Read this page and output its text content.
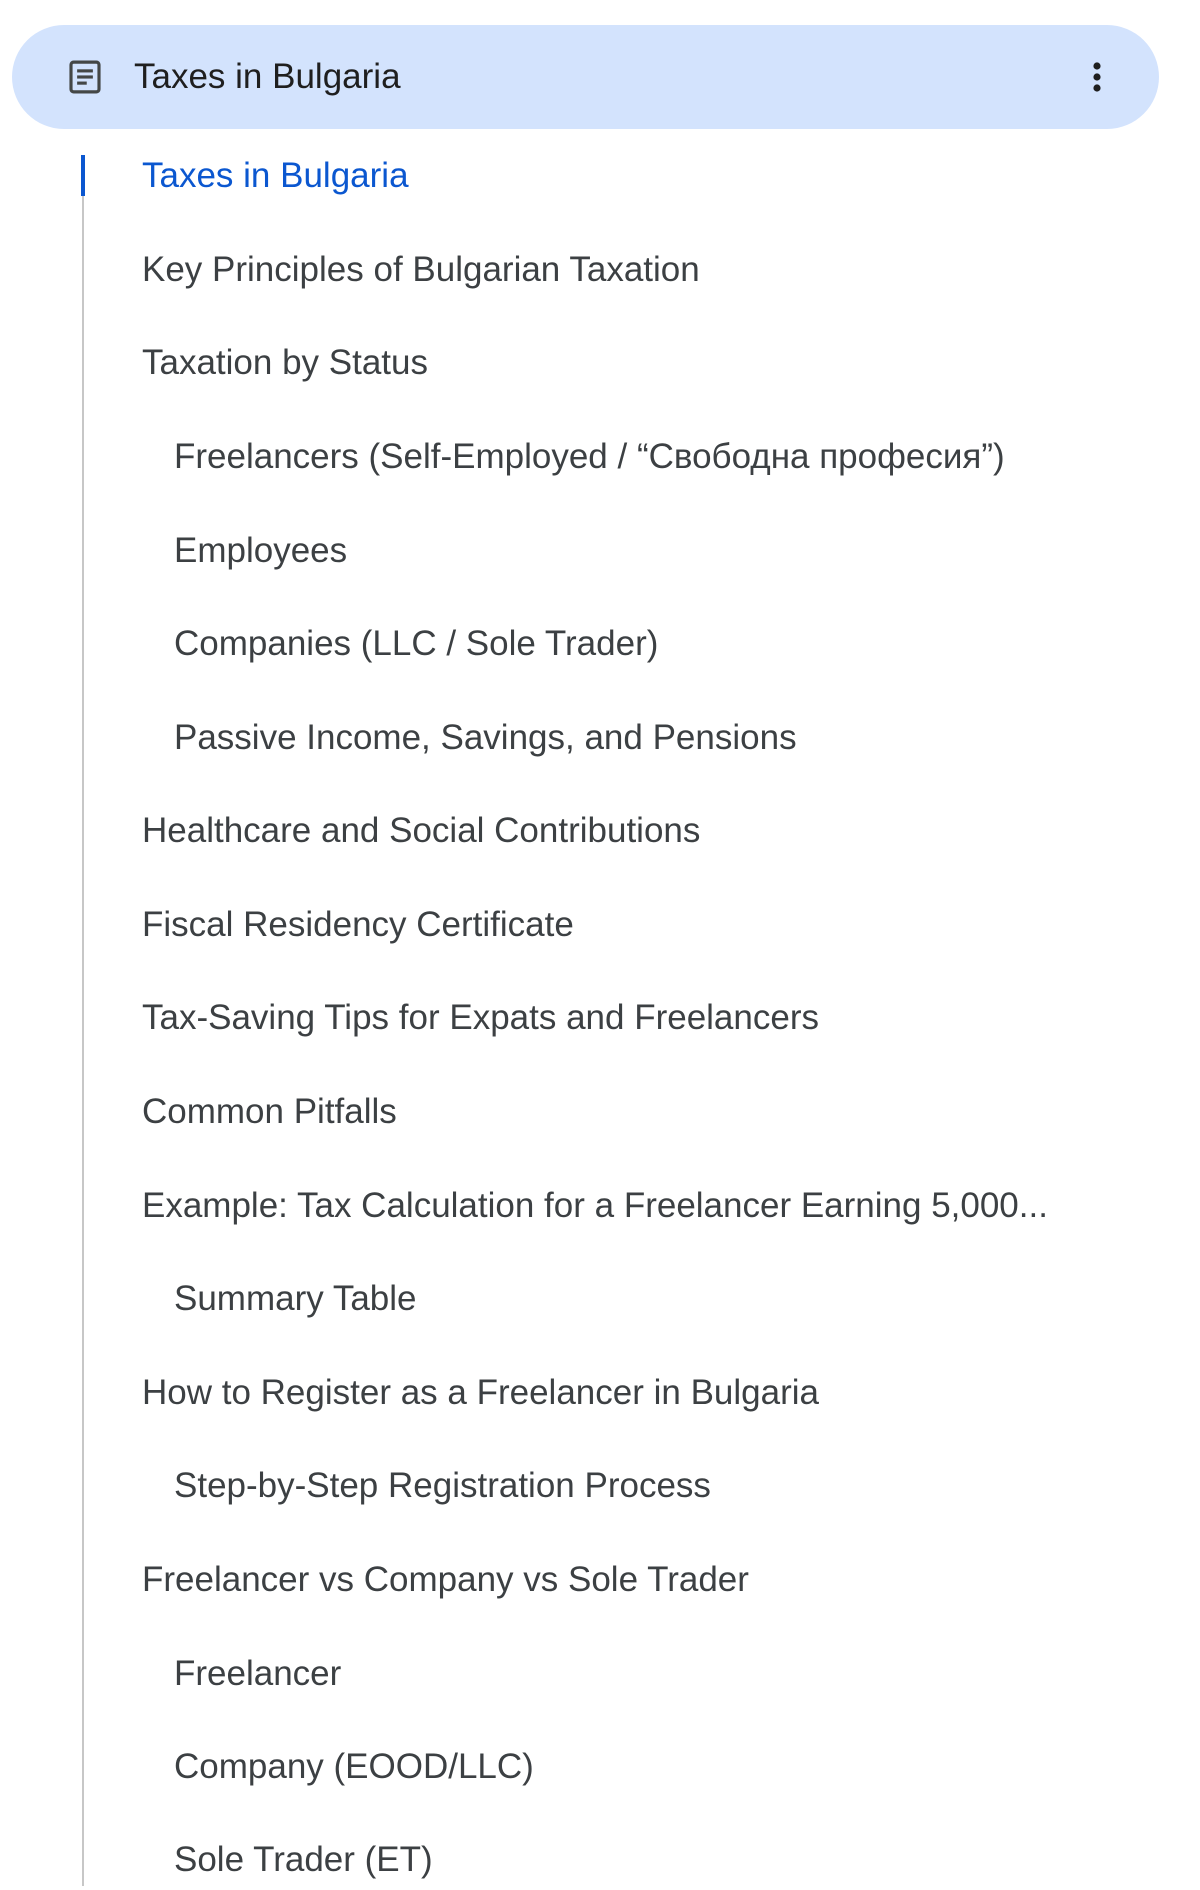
Taxes in Bulgaria
Taxes in Bulgaria
Key Principles of Bulgarian Taxation
Taxation by Status
Freelancers (Self-Employed / “Свободна професия”)
Employees
Companies (LLC / Sole Trader)
Passive Income, Savings, and Pensions
Healthcare and Social Contributions
Fiscal Residency Certificate
Tax-Saving Tips for Expats and Freelancers
Common Pitfalls
Example: Tax Calculation for a Freelancer Earning 5,000...
Summary Table
How to Register as a Freelancer in Bulgaria
Step-by-Step Registration Process
Freelancer vs Company vs Sole Trader
Freelancer
Company (EOOD/LLC)
Sole Trader (ET)
